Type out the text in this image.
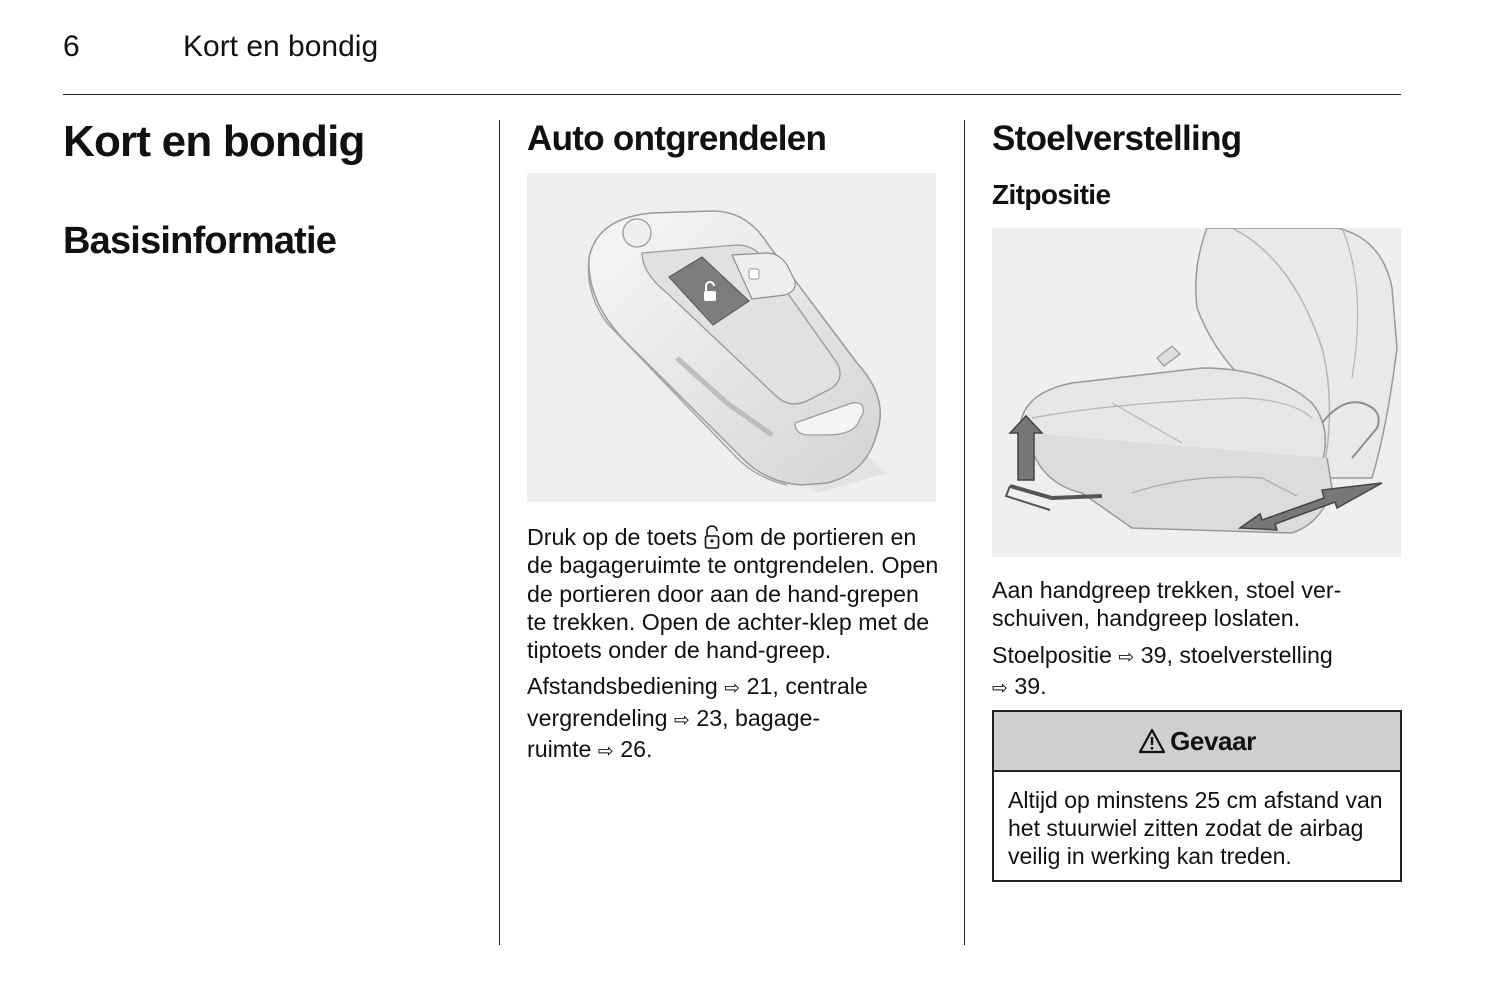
6	Kort en bondig
Kort en bondig
Basisinformatie
Auto ontgrendelen

Druk op de toets om de portieren en de bagageruimte te ontgrendelen. Open de portieren door aan de hand-grepen te trekken. Open de achter-klep met de tiptoets onder de hand-greep.

Afstandsbediening ⇨ 21, centrale
vergrendeling ⇨ 23, bagage-
ruimte ⇨ 26.

Stoelverstelling
Zitpositie

Aan handgreep trekken, stoel ver-schuiven, handgreep loslaten.

Stoelpositie ⇨ 39, stoelverstelling
⇨ 39.

Gevaar
Altijd op minstens 25 cm afstand van het stuurwiel zitten zodat de airbag veilig in werking kan treden.
